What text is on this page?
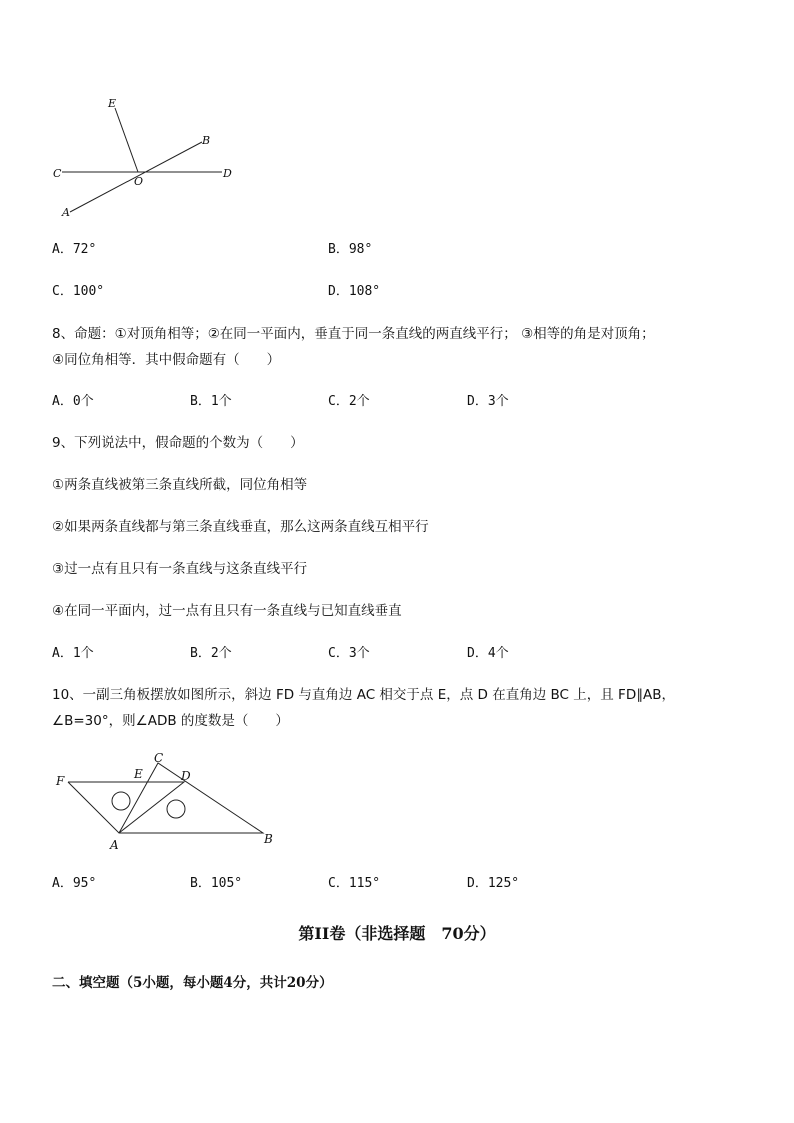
E
B
C
O
D
A
A．72°	B．98°
C．100°	D．108°
8、命题：①对顶角相等；②在同一平面内，垂直于同一条直线的两直线平行； ③相等的角是对顶角；
④同位角相等．其中假命题有（　　）
A．0个	B．1个	C．2个	D．3个
9、下列说法中，假命题的个数为（　　）
①两条直线被第三条直线所截，同位角相等
②如果两条直线都与第三条直线垂直，那么这两条直线互相平行
③过一点有且只有一条直线与这条直线平行
④在同一平面内，过一点有且只有一条直线与已知直线垂直
A．1个	B．2个	C．3个	D．4个
10、一副三角板摆放如图所示，斜边 FD 与直角边 AC 相交于点 E，点 D 在直角边 BC 上，且 FD∥AB，
∠B=30°，则∠ADB 的度数是（　　）
F	E
C
D
A	B
A．95°	B．105°	C．115°	D．125°
第II卷（非选择题　70分）
二、填空题（5小题，每小题4分，共计20分）
